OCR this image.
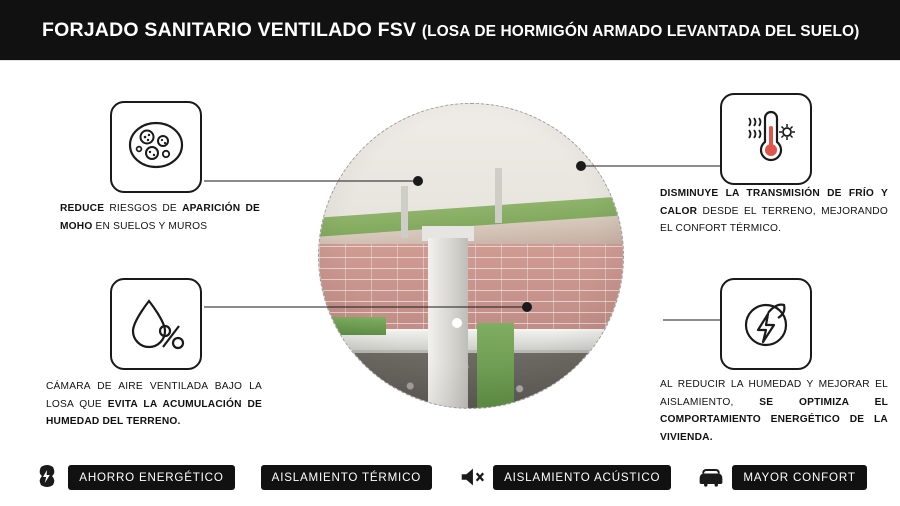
FORJADO SANITARIO VENTILADO FSV (LOSA DE HORMIGÓN ARMADO LEVANTADA DEL SUELO)
REDUCE RIESGOS DE APARICIÓN DE MOHO EN SUELOS Y MUROS
CÁMARA DE AIRE VENTILADA BAJO LA LOSA QUE EVITA LA ACUMULACIÓN DE HUMEDAD DEL TERRENO.
DISMINUYE LA TRANSMISIÓN DE FRÍO Y CALOR DESDE EL TERRENO, MEJORANDO EL CONFORT TÉRMICO.
AL REDUCIR LA HUMEDAD Y MEJORAR EL AISLAMIENTO, SE OPTIMIZA EL COMPORTAMIENTO ENERGÉTICO DE LA VIVIENDA.
AHORRO ENERGÉTICO	AISLAMIENTO TÉRMICO	AISLAMIENTO ACÚSTICO	MAYOR CONFORT
